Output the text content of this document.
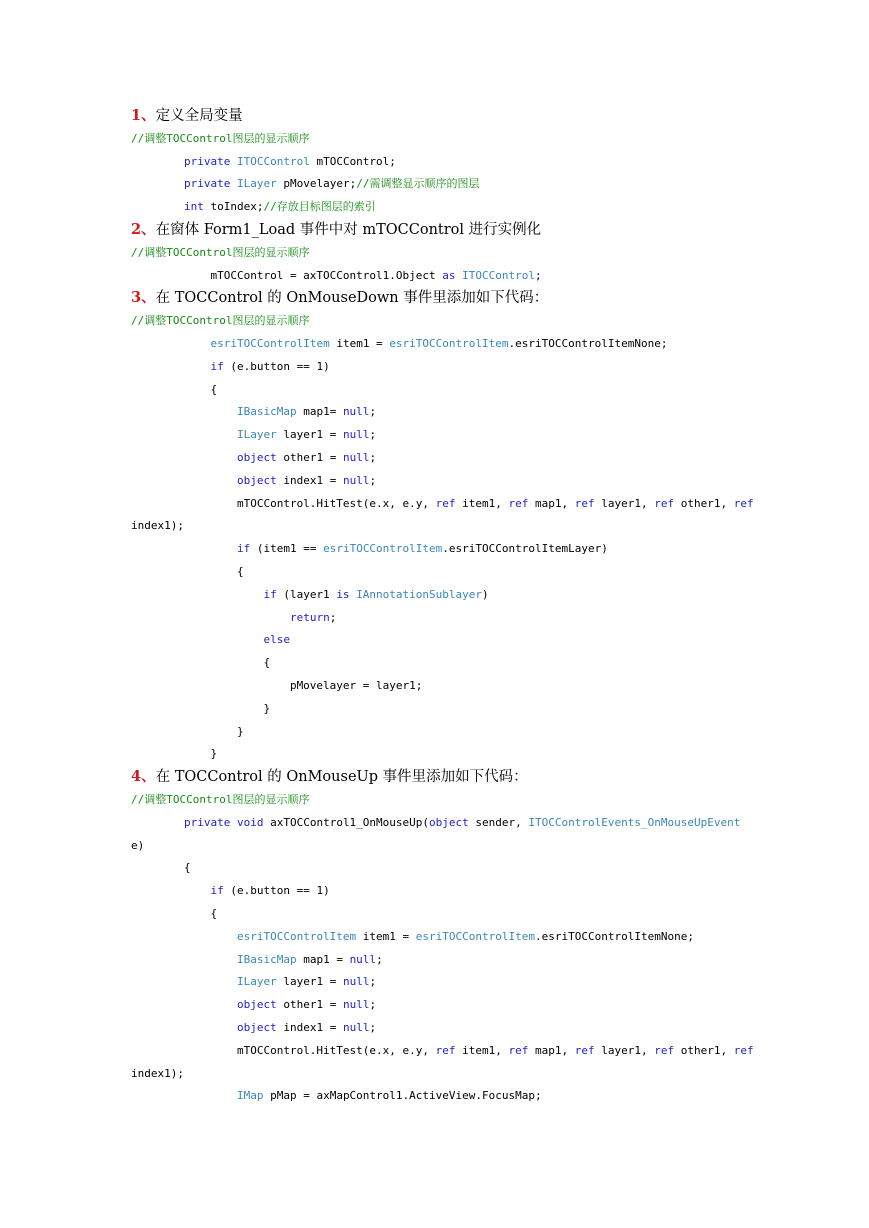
1、定义全局变量
//调整TOCControl图层的显示顺序
private ITOCControl mTOCControl;
private ILayer pMovelayer;//需调整显示顺序的图层
int toIndex;//存放目标图层的索引
2、在窗体 Form1_Load 事件中对 mTOCControl 进行实例化
//调整TOCControl图层的显示顺序
mTOCControl = axTOCControl1.Object as ITOCControl;
3、在 TOCControl 的 OnMouseDown 事件里添加如下代码：
//调整TOCControl图层的显示顺序
esriTOCControlItem item1 = esriTOCControlItem.esriTOCControlItemNone;
if (e.button == 1)
{
IBasicMap map1= null;
ILayer layer1 = null;
object other1 = null;
object index1 = null;
mTOCControl.HitTest(e.x, e.y, ref item1, ref map1, ref layer1, ref other1, ref
index1);
if (item1 == esriTOCControlItem.esriTOCControlItemLayer)
{
if (layer1 is IAnnotationSublayer)
return;
else
{
pMovelayer = layer1;
}
}
}
4、在 TOCControl 的 OnMouseUp 事件里添加如下代码：
//调整TOCControl图层的显示顺序
private void axTOCControl1_OnMouseUp(object sender, ITOCControlEvents_OnMouseUpEvent
e)
{
if (e.button == 1)
{
esriTOCControlItem item1 = esriTOCControlItem.esriTOCControlItemNone;
IBasicMap map1 = null;
ILayer layer1 = null;
object other1 = null;
object index1 = null;
mTOCControl.HitTest(e.x, e.y, ref item1, ref map1, ref layer1, ref other1, ref
index1);
IMap pMap = axMapControl1.ActiveView.FocusMap;
